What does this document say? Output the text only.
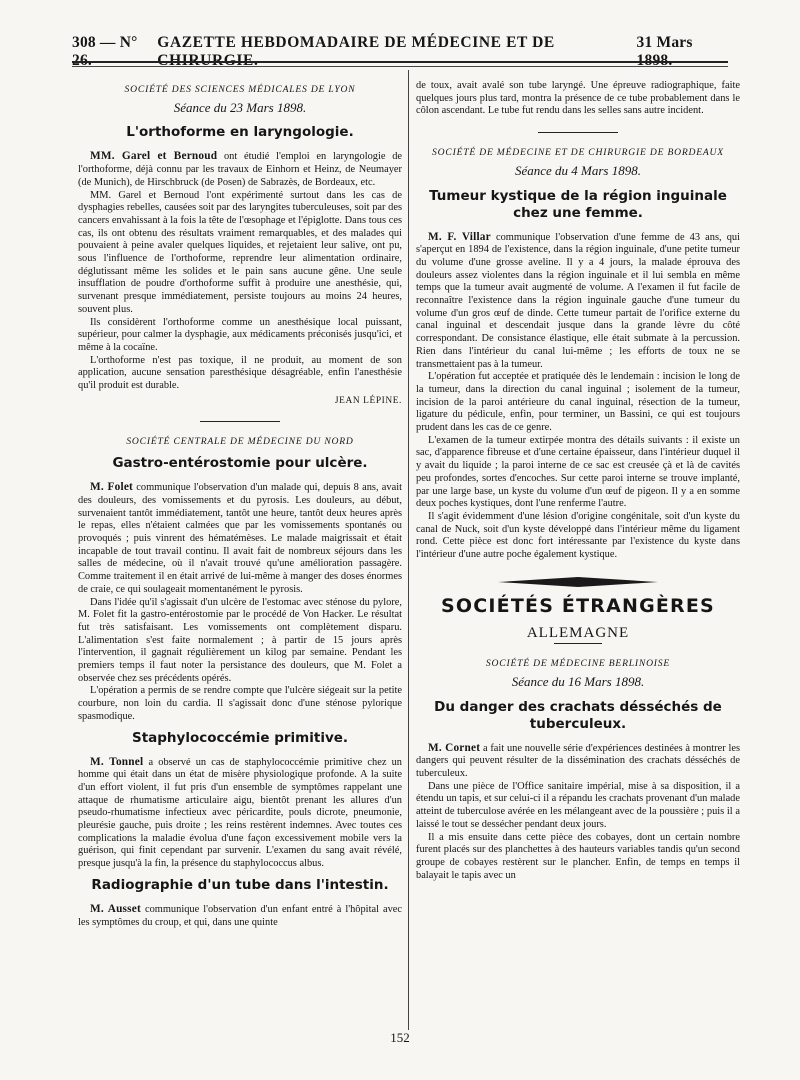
308 — N° 26.
GAZETTE HEBDOMADAIRE DE MÉDECINE ET DE CHIRURGIE.
31 Mars 1898.
SOCIÉTÉ DES SCIENCES MÉDICALES DE LYON
Séance du 23 Mars 1898.
L'orthoforme en laryngologie.

MM. Garel et Bernoud ont étudié l'emploi en laryngologie de l'orthoforme, déjà connu par les travaux de Einhorn et Heinz, de Neumayer (de Munich), de Hirschbruck (de Posen) de Sabrazès, de Bordeaux, etc.

MM. Garel et Bernoud l'ont expérimenté surtout dans les cas de dysphagies rebelles, causées soit par des laryngites tuberculeuses, soit par des cancers envahissant à la fois la tête de l'œsophage et l'épiglotte. Dans tous ces cas, ils ont obtenu des résultats vraiment remarquables, et des malades qui pouvaient à peine avaler quelques liquides, et rejetaient leur salive, ont pu, sous l'influence de l'orthoforme, reprendre leur alimentation ordinaire, déglutissant même les solides et le pain sans aucune gêne. Une seule insufflation de poudre d'orthoforme suffit à produire une anesthésie, qui, survenant presque immédiatement, persiste toujours au moins 24 heures, souvent plus.

Ils considèrent l'orthoforme comme un anesthésique local puissant, supérieur, pour calmer la dysphagie, aux médicaments préconisés jusqu'ici, et même à la cocaïne.

L'orthoforme n'est pas toxique, il ne produit, au moment de son application, aucune sensation paresthésique désagréable, enfin l'anesthésie qu'il produit est durable.

JEAN LÉPINE.
SOCIÉTÉ CENTRALE DE MÉDECINE DU NORD
Gastro-entérostomie pour ulcère.

M. Folet communique l'observation d'un malade qui, depuis 8 ans, avait des douleurs, des vomissements et du pyrosis. Les douleurs, au début, survenaient tantôt immédiatement, tantôt une heure, tantôt deux heures après le repas, elles n'étaient calmées que par les vomissements spontanés ou provoqués ; puis vinrent des hématémèses. Le malade maigrissait et était incapable de tout travail continu. Il avait fait de nombreux séjours dans les salles de médecine, où il n'avait trouvé qu'une amélioration passagère. Comme traitement il en était arrivé de lui-même à manger des doses énormes de craie, ce qui soulageait momentanément le pyrosis.

Dans l'idée qu'il s'agissait d'un ulcère de l'estomac avec sténose du pylore, M. Folet fit la gastro-entérostomie par le procédé de Von Hacker. Le résultat fut très satisfaisant. Les vomissements ont complètement disparu. L'alimentation s'est faite normalement ; à partir de 15 jours après l'intervention, il gagnait régulièrement un kilog par semaine. Pendant les premiers temps il faut noter la persistance des douleurs, que M. Folet a observée chez ses précédents opérés.

L'opération a permis de se rendre compte que l'ulcère siégeait sur la petite courbure, non loin du cardia. Il s'agissait donc d'une sténose pylorique spasmodique.

Staphylococcémie primitive.

M. Tonnel a observé un cas de staphylococcémie primitive chez un homme qui était dans un état de misère physiologique profonde. A la suite d'un effort violent, il fut pris d'un ensemble de symptômes rappelant une attaque de rhumatisme articulaire aigu, bientôt prenant les allures d'un pseudo-rhumatisme infectieux avec péricardite, pouls dicrote, pneumonie, pleurésie gauche, puis droite ; les reins restèrent indemnes. Avec toutes ces complications la maladie évolua d'une façon excessivement mobile vers la guérison, qui finit cependant par survenir. L'examen du sang avait révélé, presque jusqu'à la fin, la présence du staphylococcus albus.

Radiographie d'un tube dans l'intestin.

M. Ausset communique l'observation d'un enfant entré à l'hôpital avec les symptômes du croup, et qui, dans une quinte

de toux, avait avalé son tube laryngé. Une épreuve radiographique, faite quelques jours plus tard, montra la présence de ce tube probablement dans le côlon ascendant. Le tube fut rendu dans les selles sans autre incident.

SOCIÉTÉ DE MÉDECINE ET DE CHIRURGIE DE BORDEAUX
Séance du 4 Mars 1898.
Tumeur kystique de la région inguinale chez une femme.

M. F. Villar communique l'observation d'une femme de 43 ans, qui s'aperçut en 1894 de l'existence, dans la région inguinale, d'une petite tumeur du volume d'une grosse aveline. Il y a 4 jours, la malade éprouva des douleurs assez violentes dans la région inguinale et il lui sembla en même temps que la tumeur avait augmenté de volume. A l'examen il fut facile de reconnaître l'existence dans la région inguinale gauche d'une tumeur du volume d'un gros œuf de dinde. Cette tumeur partait de l'orifice externe du canal inguinal et descendait jusque dans la grande lèvre du côté correspondant. De consistance élastique, elle était submate à la percussion. Rien dans l'intérieur du canal lui-même ; les efforts de toux ne se transmettaient pas à la tumeur.

L'opération fut acceptée et pratiquée dès le lendemain : incision le long de la tumeur, dans la direction du canal inguinal ; isolement de la tumeur, incision de la paroi antérieure du canal inguinal, résection de la tumeur, ligature du pédicule, enfin, pour terminer, un Bassini, ce qui est toujours prudent dans les cas de ce genre.

L'examen de la tumeur extirpée montra des détails suivants : il existe un sac, d'apparence fibreuse et d'une certaine épaisseur, dans l'intérieur duquel il y avait du liquide ; la paroi interne de ce sac est creusée çà et là de cavités peu profondes, sortes d'encoches. Sur cette paroi interne se trouve implanté, par une large base, un kyste du volume d'un œuf de pigeon. Il y a en somme deux poches kystiques, dont l'une renferme l'autre.

Il s'agit évidemment d'une lésion d'origine congénitale, soit d'un kyste du canal de Nuck, soit d'un kyste développé dans l'intérieur même du ligament rond. Cette pièce est donc fort intéressante par l'existence du kyste dans l'intérieur d'une autre poche également kystique.

SOCIÉTÉS ÉTRANGÈRES
ALLEMAGNE
SOCIÉTÉ DE MÉDECINE BERLINOISE
Séance du 16 Mars 1898.
Du danger des crachats désséchés de tuberculeux.

M. Cornet a fait une nouvelle série d'expériences destinées à montrer les dangers qui peuvent résulter de la dissémination des crachats désséchés de tuberculeux.

Dans une pièce de l'Office sanitaire impérial, mise à sa disposition, il a étendu un tapis, et sur celui-ci il a répandu les crachats provenant d'un malade atteint de tuberculose avérée en les mélangeant avec de la poussière ; puis il a laissé le tout se dessécher pendant deux jours.

Il a mis ensuite dans cette pièce des cobayes, dont un certain nombre furent placés sur des planchettes à des hauteurs variables tandis qu'un second groupe de cobayes restèrent sur le plancher. Enfin, de temps en temps il balayait le tapis avec un

152
